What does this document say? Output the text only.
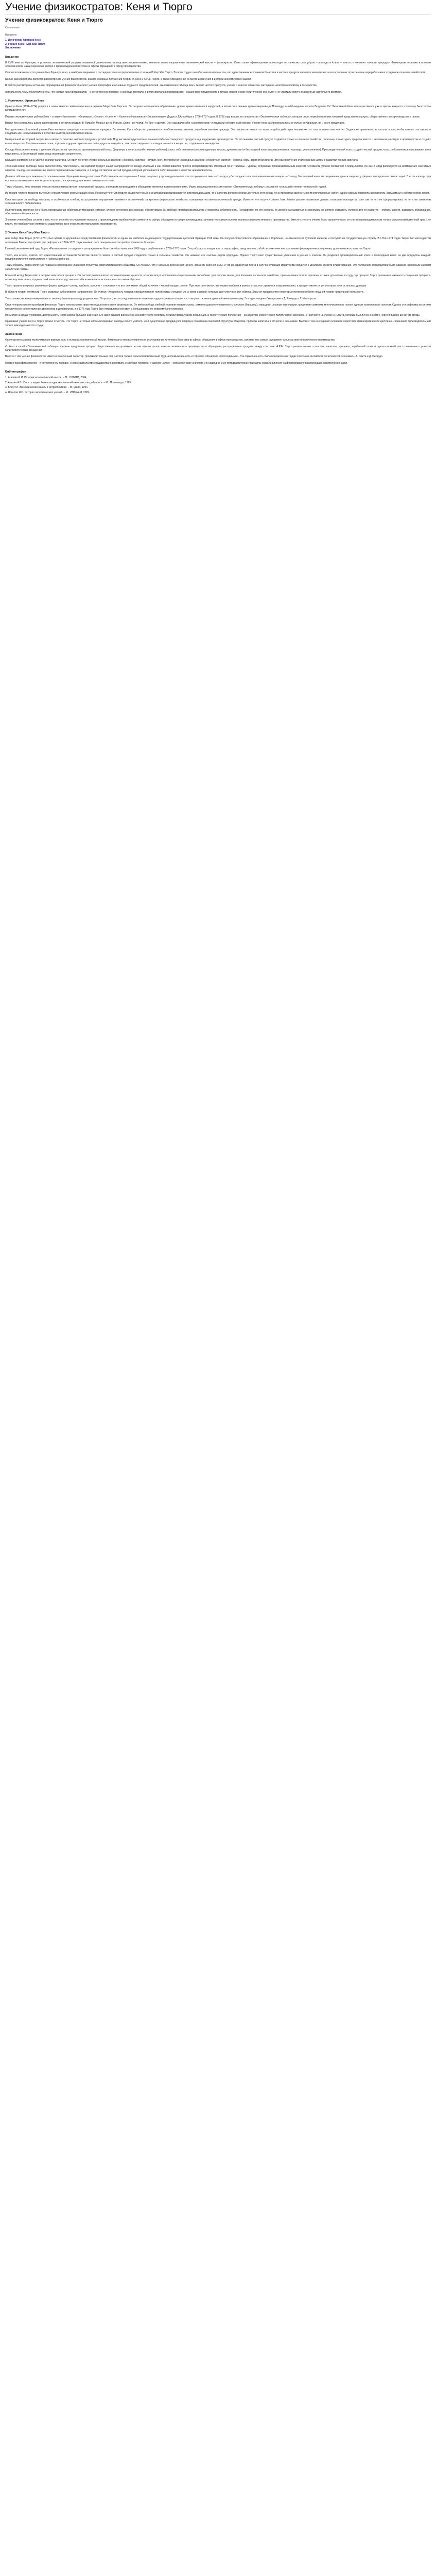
Учение физикостратов: Кеня и Тюрго
Учение физикократов: Кеня и Тюрго
Оглавление
Введение
1. Источники. Франсуа Кенэ
2. Учение Кенэ Пьер Жак Тюрго
Заключение
Введение

В XVIII веке во Франции, в условиях экономической разрухи, вызванной длительным господством меркантилизма, возникло новое направление экономической мысли – физиократия. Само слово «физиократия» происходит от греческих слов physis – природа и kratos – власть, и означает «власть природы». Физиократы первыми в истории экономической науки перенесли вопрос о происхождении богатства из сферы обращения в сферу производства.

Основоположником этого учения был Франсуа Кенэ, а наиболее видным его последователем и продолжателем стал Анн Робер Жак Тюрго. В своих трудах они обосновали идею о том, что единственным источником богатства и чистого продукта является земледелие, а все остальные отрасли лишь перерабатывают созданное сельским хозяйством.

Целью данной работы является рассмотрение учения физиократов, анализ основных положений теории Ф. Кенэ и А.Р.Ж. Тюрго, а также определение их места и значения в истории экономической мысли.

В работе рассмотрены источники формирования физиократического учения, биография и основные труды его представителей, экономическая таблица Кенэ, теория чистого продукта, учение о классах общества, взгляды на налоговую политику и государство.

Актуальность темы обусловлена тем, что многие идеи физиократов – о естественном порядке, о свободе торговли, о роли капитала в производстве – нашли своё продолжение в трудах классической политической экономии и не утратили своего значения до настоящего времени.

1. Источники. Франсуа Кенэ

Франсуа Кенэ (1694–1774) родился в семье мелкого землевладельца в деревне Мере близ Версаля. Он получил медицинское образование, долгое время занимался хирургией, а затем стал личным врачом маркизы де Помпадур и лейб-медиком короля Людовика XV. Экономикой Кенэ заинтересовался уже в зрелом возрасте, когда ему было около шестидесяти лет.

Первые экономические работы Кенэ – статьи «Население», «Фермеры», «Зерно», «Налоги» – были опубликованы в «Энциклопедии» Дидро и Д'Аламбера в 1756–1757 годах. В 1758 году вышла его знаменитая «Экономическая таблица», которая стала первой в истории попыткой представить процесс общественного воспроизводства в целом.

Вокруг Кенэ сложилась школа физиократов, в которую входили В. Мирабо, Мерсье де ла Ривьер, Дюпон де Немур, Ле Трон и другие. Они называли себя «экономистами» и издавали собственный журнал. Учение Кенэ распространилось не только во Франции, но и за её пределами.

Методологической основой учения Кенэ является концепция «естественного порядка». По мнению Кенэ, общество развивается по объективным законам, подобным законам природы. Эти законы не зависят от воли людей и действуют независимо от того, познаны они или нет. Задача же правительства состоит в том, чтобы познать эти законы и следовать им, не вмешиваясь в естественный ход экономической жизни.

Центральной категорией теории Кенэ является понятие «чистого продукта» (produit net). Под чистым продуктом Кенэ понимал избыток совокупного продукта над издержками производства. По его мнению, чистый продукт создаётся только в сельском хозяйстве, поскольку только здесь природа вместе с человеком участвует в производстве и создаёт новое вещество. В промышленности же, торговле и других отраслях чистый продукт не создаётся, там лишь соединяются и видоизменяются вещества, созданные в земледелии.

Отсюда Кенэ делает вывод о делении общества на три класса: производительный класс (фермеры и сельскохозяйственные рабочие), класс собственников (землевладельцы, король, духовенство) и бесплодный класс (промышленники, торговцы, ремесленники). Производительный класс создаёт чистый продукт, класс собственников присваивает его в виде ренты, а бесплодный класс лишь возмещает затраченное.

Большое внимание Кенэ уделял анализу капитала. Он ввёл понятия «первоначальных авансов» (основной капитал – орудия, скот, постройки) и «ежегодных авансов» (оборотный капитал – семена, корм, заработная плата). Это разграничение стало важным шагом в развитии теории капитала.

«Экономическая таблица» Кенэ является попыткой показать, как годовой продукт нации распределяется между классами и как обеспечивается простое воспроизводство. Исходный пункт таблицы – урожай, собранный производительным классом. Стоимость урожая составляет 5 млрд ливров. Из них 2 млрд расходуется на возмещение ежегодных авансов, 1 млрд – на возмещение износа первоначальных авансов, а 2 млрд составляет чистый продукт, который уплачивается собственникам в качестве арендной платы.

Далее в таблице прослеживаются основные акты обращения между классами. Собственники на полученные 2 млрд покупают у производительного класса продовольствие на 1 млрд и у бесплодного класса промышленные товары на 1 млрд. Бесплодный класс на полученные деньги закупает у фермеров продовольствие и сырьё. В итоге к концу года все классы возмещают свои затраты и процесс воспроизводства может повторяться снова.

Таким образом, Кенэ впервые показал воспроизводство как непрерывный процесс, в котором производство и обращение являются взаимосвязанными. Маркс впоследствии высоко оценил «Экономическую таблицу», назвав её «в высшей степени гениальной» идеей.

Из теории чистого продукта вытекали и практические рекомендации Кенэ. Поскольку чистый продукт создаётся только в земледелии и присваивается землевладельцами, то и налогом должен облагаться только этот доход. Кенэ предлагал заменить все многочисленные налоги одним единым поземельным налогом, взимаемым с собственников земли.

Кенэ выступал за свободу торговли, в особенности хлебом, за устранение внутренних таможен и ограничений, за крупное фермерское хозяйство, основанное на капиталистической аренде. Известен его лозунг «Laissez faire, laissez passer» (позвольте делать, позвольте проходить), хотя сам он его не сформулировал, но он стал символом экономического либерализма.

Политическим идеалом Кенэ была просвещённая абсолютная монархия, которая, следуя естественным законам, обеспечивала бы свободу предпринимательства и охраняла собственность. Государство, по его мнению, не должно вмешиваться в экономику, но должно создавать условия для её развития – строить дороги, развивать образование, обеспечивать безопасность.

Значение учения Кенэ состоит в том, что он перенёс исследование вопроса о происхождении прибавочной стоимости из сферы обращения в сферу производства, заложив тем самым основы анализа капиталистического производства. Вместе с тем его учение было ограниченным: он считал производительным только сельскохозяйственный труд и не видел, что прибавочная стоимость создаётся во всех отраслях материального производства.

2. Учение Кенэ Пьер Жак Тюрго

Анн Робер Жак Тюрго (1727–1781) был одним из крупнейших представителей физиократии и одним из наиболее выдающихся государственных деятелей Франции XVIII века. Он получил богословское образование в Сорбонне, но отказался от духовной карьеры и поступил на государственную службу. В 1761–1774 годах Тюрго был интендантом провинции Лимож, где провёл ряд реформ, а в 1774–1776 годах занимал пост генерального контролёра финансов Франции.

Главный экономический труд Тюрго «Размышления о создании и распределении богатств» был написан в 1766 году и опубликован в 1769–1770 годах. Эта работа, состоящая из ста параграфов, представляет собой систематическое изложение физиократического учения, дополненное и развитое Тюрго.

Тюрго, как и Кенэ, считал, что единственным источником богатства является земля, а чистый продукт создаётся только в сельском хозяйстве. Он называл его «чистым даром природы». Однако Тюрго внёс существенные уточнения в учение о классах. Он разделил производительный класс и бесплодный класс на две подгруппы каждый: предпринимателей-капиталистов и наёмных рабочих.

Таким образом, Тюрго вплотную подошёл к пониманию классовой структуры капиталистического общества. Он показал, что у наёмных рабочих нет ничего, кроме их рабочей силы, и что их заработная плата в силу конкуренции между ними сводится к минимуму средств существования. Это положение впоследствии было названо «железным законом заработной платы».

Большой вклад Тюрго внёс в теорию капитала и процента. Он рассматривал капитал как накопленные ценности, которые могут использоваться различными способами: для покупки земли, для вложения в сельское хозяйство, промышленность или торговлю, а также для отдачи в ссуду под процент. Тюрго доказывал законность получения процента, поскольку капиталист, отдавая свой капитал в ссуду, лишает себя возможности использовать его иным образом.

Тюрго проанализировал различные формы доходов – ренту, прибыль, процент – и показал, что все они имеют общий источник – чистый продукт земли. При этом он отметил, что норма прибыли в разных отраслях стремится к выравниванию, а процент является регулятором всех остальных доходов.

В области теории стоимости Тюрго развивал субъективное направление. Он считал, что ценность товаров определяется их полезностью и редкостью, а также оценкой, которую дают им участники обмена. Этим он предвосхитил некоторые положения более поздней теории предельной полезности.

Тюрго также высказал важную идею о законе убывающего плодородия почвы. Он указал, что последовательные вложения труда и капитала в один и тот же участок земли дают всё меньшую отдачу. Эта идея позднее была развита Д. Рикардо и Т. Мальтусом.

Став генеральным контролёром финансов, Тюрго попытался на практике осуществить идеи физиократов. Он ввёл свободу хлебной торговли внутри страны, отменил дорожную повинность крестьян (барщину), упразднил цеховые корпорации, предложил заменить многочисленные налоги единым поземельным налогом. Однако эти реформы встретили ожесточённое сопротивление дворянства и духовенства, и в 1776 году Тюрго был отправлен в отставку, а большинство его реформ было отменено.

Несмотря на неудачу реформ, деятельность Тюрго имела большое значение. Его идеи оказали влияние на экономическую политику Великой французской революции, а теоретические положения – на развитие классической политической экономии, в частности на учение А. Смита, который был лично знаком с Тюрго и высоко ценил его труды.

Сравнивая учения Кенэ и Тюрго, можно отметить, что Тюрго не только систематизировал взгляды своего учителя, но и существенно продвинулся вперёд в понимании классовой структуры общества, природы капитала и его роли в экономике. Вместе с тем он сохранил основной недостаток физиократической доктрины – признание производительным только земледельческого труда.

Заключение

Физиократия сыграла исключительно важную роль в истории экономической мысли. Физиократы впервые перенесли исследование источника богатства из сферы обращения в сферу производства, заложив тем самым фундамент анализа капиталистического производства.

Ф. Кенэ в своей «Экономической таблице» впервые представил процесс общественного воспроизводства как единое целое, показал взаимосвязь производства и обращения, распределения продукта между классами. А.Р.Ж. Тюрго развил учение о классах, капитале, проценте, заработной плате и сделал важный шаг к пониманию сущности капиталистических отношений.

Вместе с тем учение физиократов имело ограниченный характер: производительным они считали только сельскохозяйственный труд, а промышленность и торговлю объявляли «бесплодными». Эта ограниченность была преодолена в трудах классиков английской политической экономии – А. Смита и Д. Рикардо.

Многие идеи физиократов – о естественном порядке, о невмешательстве государства в экономику, о свободе торговли, о едином налоге – сохраняют своё значение и в наши дни, а их методологические принципы оказали влияние на формирование последующих экономических школ.

Библиография
1. Агапова И.И. История экономической мысли. – М.: ЮНИТИ, 2004.
2. Аникин А.В. Юность науки: Жизнь и идеи мыслителей-экономистов до Маркса. – М.: Политиздат, 1985.
3. Блауг М. Экономическая мысль в ретроспективе. – М.: Дело, 1994.
4. Ядгаров Я.С. История экономических учений. – М.: ИНФРА-М, 2009.
